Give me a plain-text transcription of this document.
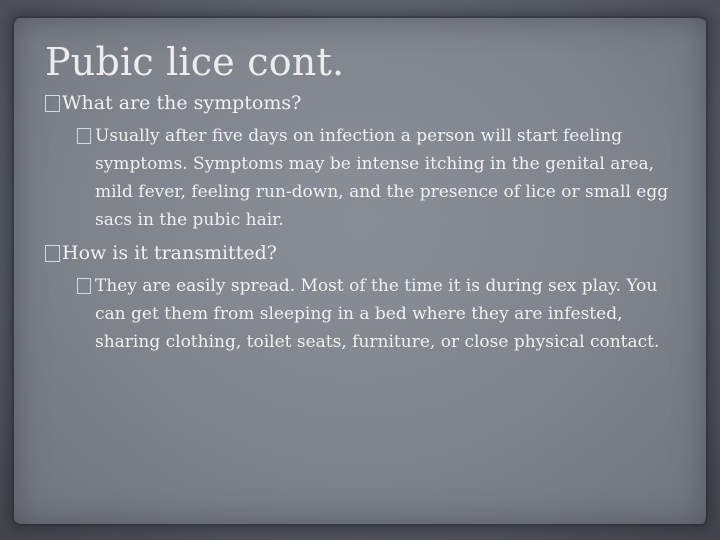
Pubic lice cont.

What are the symptoms?

Usually after five days on infection a person will start feeling symptoms. Symptoms may be intense itching in the genital area, mild fever, feeling run-down, and the presence of lice or small egg sacs in the pubic hair.

How is it transmitted?

They are easily spread. Most of the time it is during sex play. You can get them from sleeping in a bed where they are infested, sharing clothing, toilet seats, furniture, or close physical contact.
